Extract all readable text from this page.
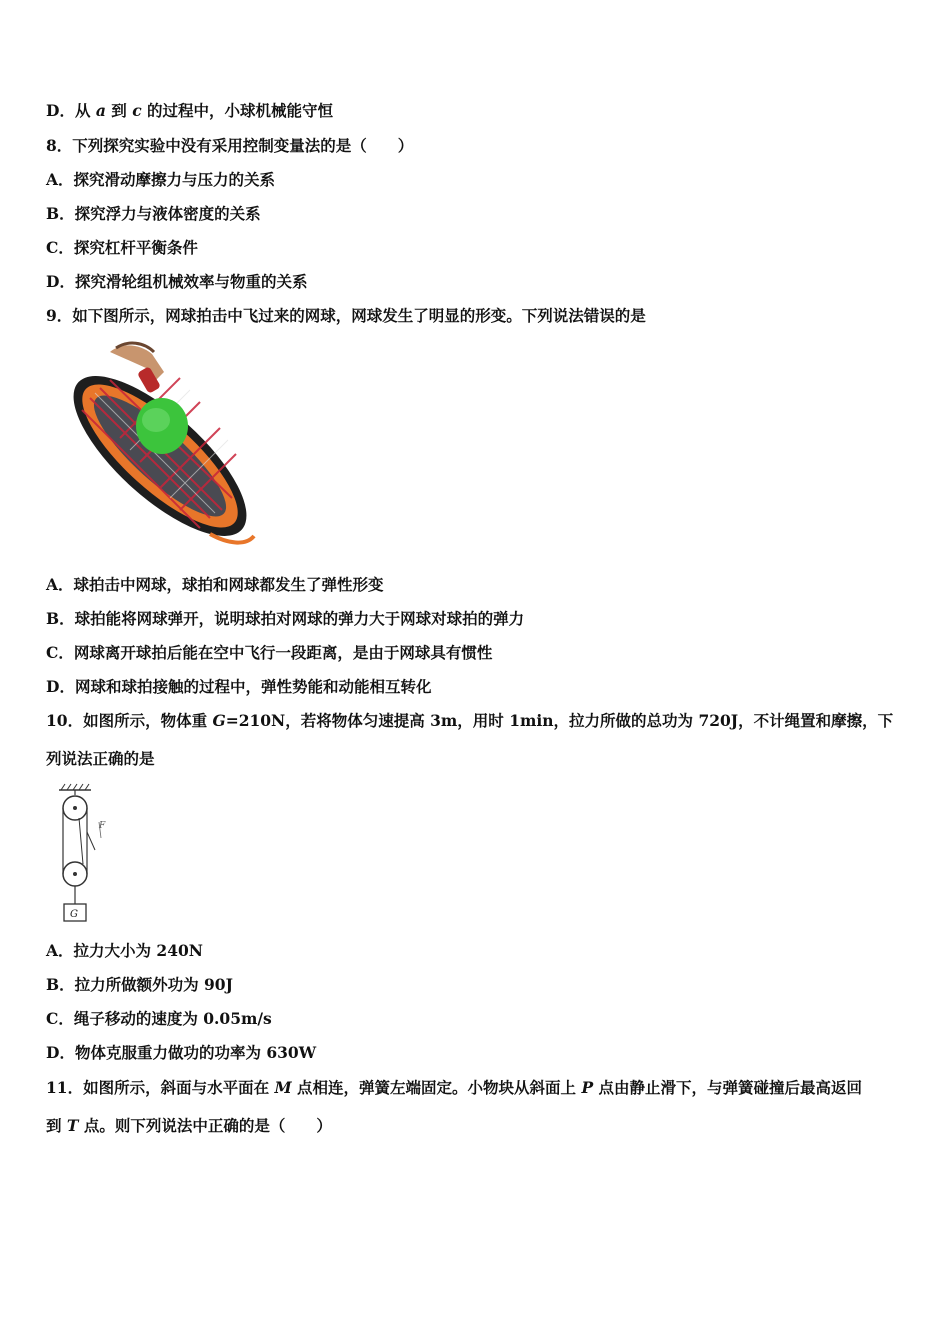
D．从 a 到 c 的过程中，小球机械能守恒
8．下列探究实验中没有采用控制变量法的是（　　）
A．探究滑动摩擦力与压力的关系
B．探究浮力与液体密度的关系
C．探究杠杆平衡条件
D．探究滑轮组机械效率与物重的关系
9．如下图所示，网球拍击中飞过来的网球，网球发生了明显的形变。下列说法错误的是
A．球拍击中网球，球拍和网球都发生了弹性形变
B．球拍能将网球弹开，说明球拍对网球的弹力大于网球对球拍的弹力
C．网球离开球拍后能在空中飞行一段距离，是由于网球具有惯性
D．网球和球拍接触的过程中，弹性势能和动能相互转化
10．如图所示，物体重 G=210N，若将物体匀速提高 3m，用时 1min，拉力所做的总功为 720J，不计绳置和摩擦，下
列说法正确的是
F
G
A．拉力大小为 240N
B．拉力所做额外功为 90J
C．绳子移动的速度为 0.05m/s
D．物体克服重力做功的功率为 630W
11．如图所示，斜面与水平面在 M 点相连，弹簧左端固定。小物块从斜面上 P 点由静止滑下，与弹簧碰撞后最高返回
到 T 点。则下列说法中正确的是（　　）
